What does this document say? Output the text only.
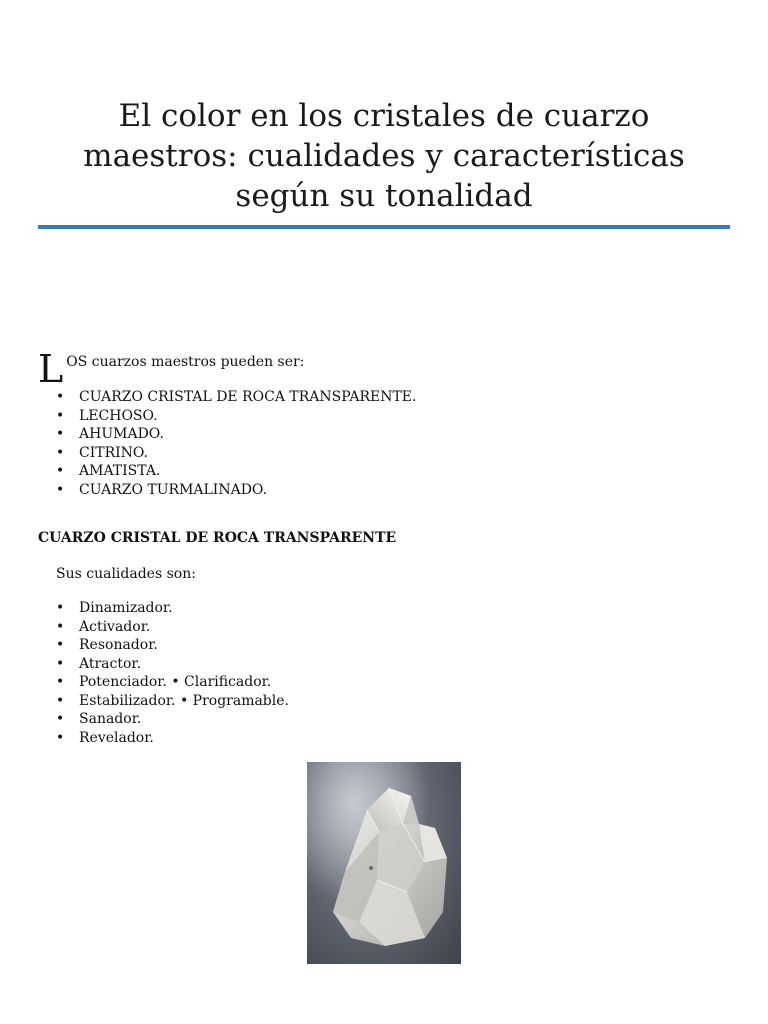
El color en los cristales de cuarzo maestros: cualidades y características según su tonalidad
L OS cuarzos maestros pueden ser:
• CUARZO CRISTAL DE ROCA TRANSPARENTE.
• LECHOSO.
• AHUMADO.
• CITRINO.
• AMATISTA.
• CUARZO TURMALINADO.
CUARZO CRISTAL DE ROCA TRANSPARENTE
Sus cualidades son:
• Dinamizador.
• Activador.
• Resonador.
• Atractor.
• Potenciador. • Clarificador.
• Estabilizador. • Programable.
• Sanador.
• Revelador.
